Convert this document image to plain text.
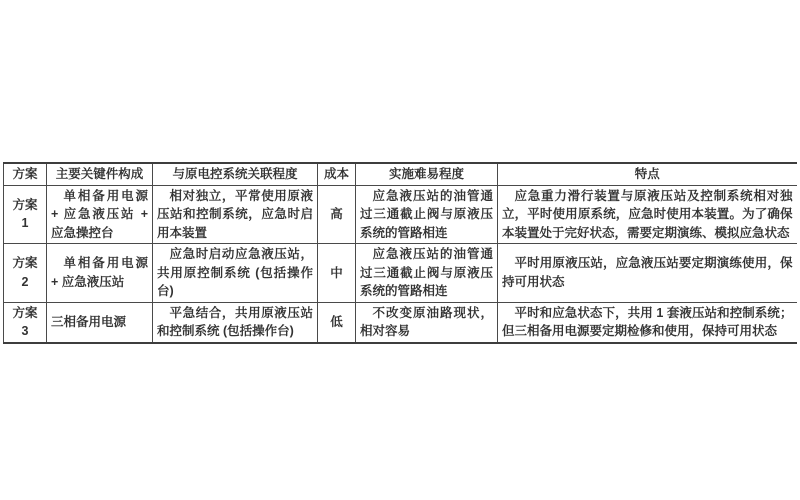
方案	主要关键件构成	与原电控系统关联程度	成本	实施难易程度	特点
方案 1	单相备用电源 + 应急液压站 + 应急操控台	相对独立，平常使用原液压站和控制系统，应急时启用本装置	高	应急液压站的油管通过三通截止阀与原液压系统的管路相连	应急重力滑行装置与原液压站及控制系统相对独立，平时使用原系统，应急时使用本装置。为了确保本装置处于完好状态，需要定期演练、模拟应急状态
方案 2	单相备用电源 + 应急液压站	应急时启动应急液压站，共用原控制系统 (包括操作台)	中	应急液压站的油管通过三通截止阀与原液压系统的管路相连	平时用原液压站，应急液压站要定期演练使用，保持可用状态
方案 3	三相备用电源	平急结合，共用原液压站和控制系统 (包括操作台)	低	不改变原油路现状，相对容易	平时和应急状态下，共用 1 套液压站和控制系统；但三相备用电源要定期检修和使用，保持可用状态
